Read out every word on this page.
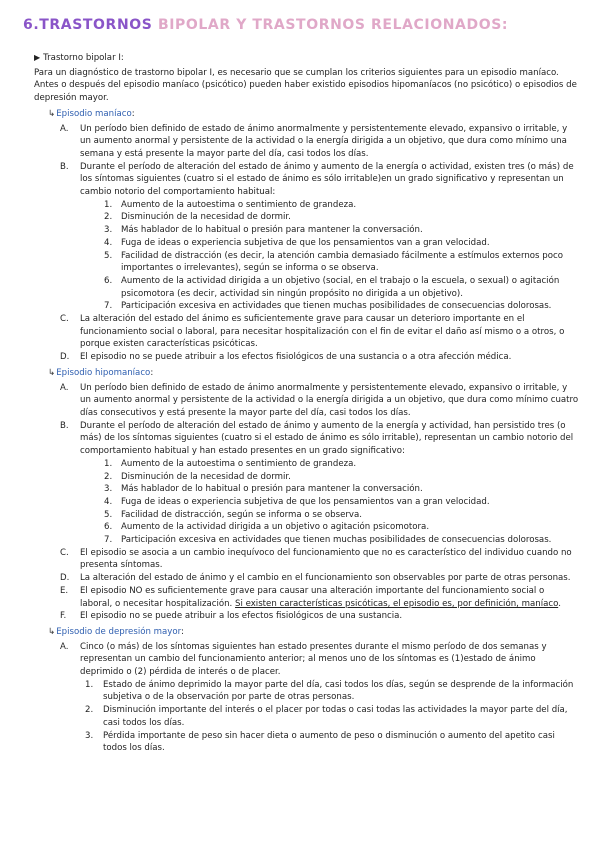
6.TRASTORNOS BIPOLAR Y TRASTORNOS RELACIONADOS:
▶ Trastorno bipolar I:

Para un diagnóstico de trastorno bipolar I, es necesario que se cumplan los criterios siguientes para un episodio maníaco.

Antes o después del episodio maníaco (psicótico) pueden haber existido episodios hipomaníacos (no psicótico) o episodios de depresión mayor.

↳Episodio maníaco:
A.	Un período bien definido de estado de ánimo anormalmente y persistentemente elevado, expansivo o irritable, y un aumento anormal y persistente de la actividad o la energía dirigida a un objetivo, que dura como mínimo una semana y está presente la mayor parte del día, casi todos los días.
B.	Durante el período de alteración del estado de ánimo y aumento de la energía o actividad, existen tres (o más) de los síntomas siguientes (cuatro si el estado de ánimo es sólo irritable)en un grado significativo y representan un cambio notorio del comportamiento habitual:
1.	Aumento de la autoestima o sentimiento de grandeza.
2.	Disminución de la necesidad de dormir.
3.	Más hablador de lo habitual o presión para mantener la conversación.
4.	Fuga de ideas o experiencia subjetiva de que los pensamientos van a gran velocidad.
5.	Facilidad de distracción (es decir, la atención cambia demasiado fácilmente a estímulos externos poco importantes o irrelevantes), según se informa o se observa.
6.	Aumento de la actividad dirigida a un objetivo (social, en el trabajo o la escuela, o sexual) o agitación psicomotora (es decir, actividad sin ningún propósito no dirigida a un objetivo).
7.	Participación excesiva en actividades que tienen muchas posibilidades de consecuencias dolorosas.
C.	La alteración del estado del ánimo es suficientemente grave para causar un deterioro importante en el funcionamiento social o laboral, para necesitar hospitalización con el fin de evitar el daño así mismo o a otros, o porque existen características psicóticas.
D.	El episodio no se puede atribuir a los efectos fisiológicos de una sustancia o a otra afección médica.
↳Episodio hipomaníaco:
A.	Un período bien definido de estado de ánimo anormalmente y persistentemente elevado, expansivo o irritable, y un aumento anormal y persistente de la actividad o la energía dirigida a un objetivo, que dura como mínimo cuatro días consecutivos y está presente la mayor parte del día, casi todos los días.
B.	Durante el período de alteración del estado de ánimo y aumento de la energía y actividad, han persistido tres (o más) de los síntomas siguientes (cuatro si el estado de ánimo es sólo irritable), representan un cambio notorio del comportamiento habitual y han estado presentes en un grado significativo:
1.	Aumento de la autoestima o sentimiento de grandeza.
2.	Disminución de la necesidad de dormir.
3.	Más hablador de lo habitual o presión para mantener la conversación.
4.	Fuga de ideas o experiencia subjetiva de que los pensamientos van a gran velocidad.
5.	Facilidad de distracción, según se informa o se observa.
6.	Aumento de la actividad dirigida a un objetivo o agitación psicomotora.
7.	Participación excesiva en actividades que tienen muchas posibilidades de consecuencias dolorosas.
C.	El episodio se asocia a un cambio inequívoco del funcionamiento que no es característico del individuo cuando no presenta síntomas.
D.	La alteración del estado de ánimo y el cambio en el funcionamiento son observables por parte de otras personas.
E.	El episodio NO es suficientemente grave para causar una alteración importante del funcionamiento social o laboral, o necesitar hospitalización. Si existen características psicóticas, el episodio es, por definición, maníaco.
F.	El episodio no se puede atribuir a los efectos fisiológicos de una sustancia.
↳Episodio de depresión mayor:
A.	Cinco (o más) de los síntomas siguientes han estado presentes durante el mismo período de dos semanas y representan un cambio del funcionamiento anterior; al menos uno de los síntomas es (1)estado de ánimo deprimido o (2) pérdida de interés o de placer.
1.	Estado de ánimo deprimido la mayor parte del día, casi todos los días, según se desprende de la información subjetiva o de la observación por parte de otras personas.
2.	Disminución importante del interés o el placer por todas o casi todas las actividades la mayor parte del día, casi todos los días.
3.	Pérdida importante de peso sin hacer dieta o aumento de peso o disminución o aumento del apetito casi todos los días.
